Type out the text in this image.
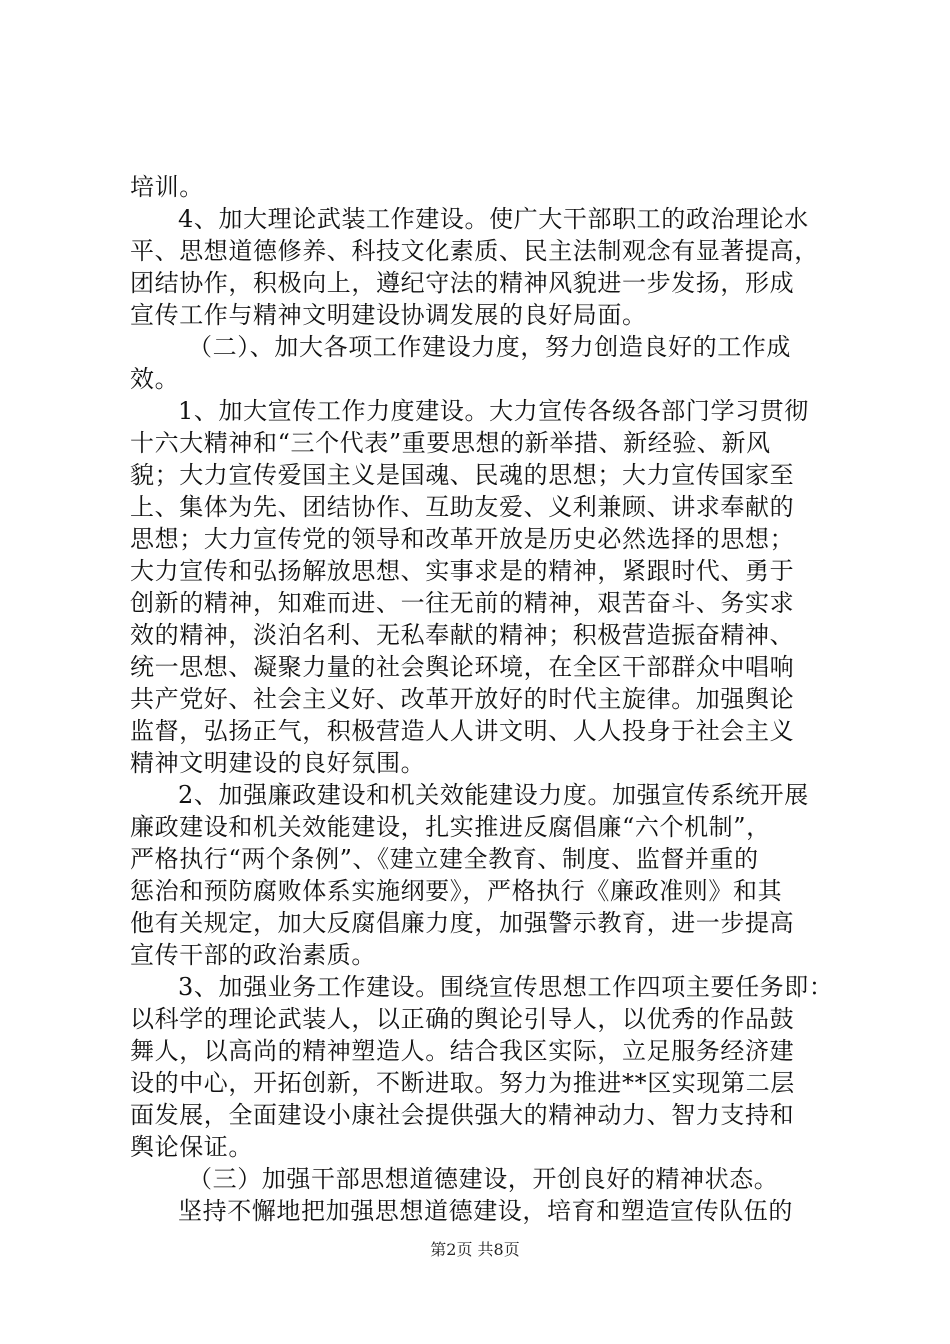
培训。
4、加大理论武装工作建设。使广大干部职工的政治理论水
平、思想道德修养、科技文化素质、民主法制观念有显著提高，
团结协作，积极向上，遵纪守法的精神风貌进一步发扬，形成
宣传工作与精神文明建设协调发展的良好局面。
（二）、加大各项工作建设力度，努力创造良好的工作成
效。
1、加大宣传工作力度建设。大力宣传各级各部门学习贯彻
十六大精神和“三个代表”重要思想的新举措、新经验、新风
貌；大力宣传爱国主义是国魂、民魂的思想；大力宣传国家至
上、集体为先、团结协作、互助友爱、义利兼顾、讲求奉献的
思想；大力宣传党的领导和改革开放是历史必然选择的思想；
大力宣传和弘扬解放思想、实事求是的精神，紧跟时代、勇于
创新的精神，知难而进、一往无前的精神，艰苦奋斗、务实求
效的精神，淡泊名利、无私奉献的精神；积极营造振奋精神、
统一思想、凝聚力量的社会舆论环境，在全区干部群众中唱响
共产党好、社会主义好、改革开放好的时代主旋律。加强舆论
监督，弘扬正气，积极营造人人讲文明、人人投身于社会主义
精神文明建设的良好氛围。
2、加强廉政建设和机关效能建设力度。加强宣传系统开展
廉政建设和机关效能建设，扎实推进反腐倡廉“六个机制”，
严格执行“两个条例”、《建立建全教育、制度、监督并重的
惩治和预防腐败体系实施纲要》，严格执行《廉政准则》和其
他有关规定，加大反腐倡廉力度，加强警示教育，进一步提高
宣传干部的政治素质。
3、加强业务工作建设。围绕宣传思想工作四项主要任务即：
以科学的理论武装人，以正确的舆论引导人，以优秀的作品鼓
舞人，以高尚的精神塑造人。结合我区实际，立足服务经济建
设的中心，开拓创新，不断进取。努力为推进**区实现第二层
面发展，全面建设小康社会提供强大的精神动力、智力支持和
舆论保证。
（三）加强干部思想道德建设，开创良好的精神状态。
坚持不懈地把加强思想道德建设，培育和塑造宣传队伍的
第2页 共8页
